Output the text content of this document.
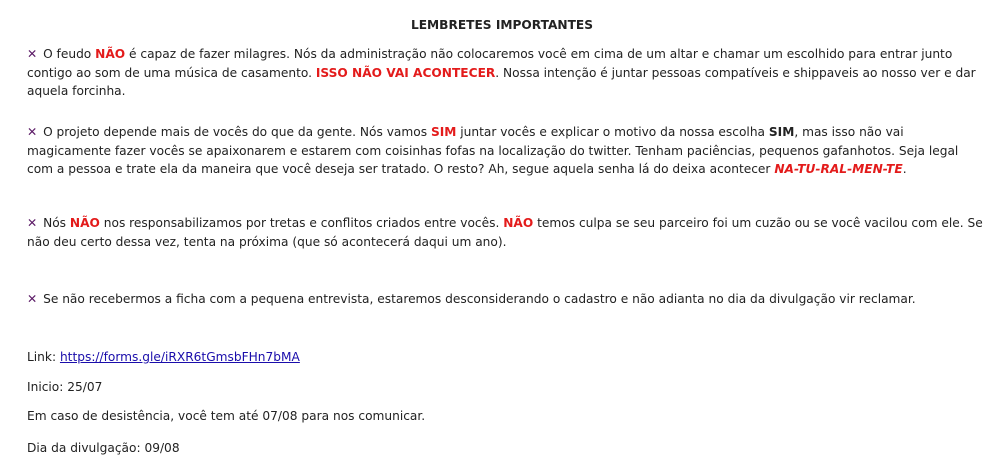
LEMBRETES IMPORTANTES
✕ O feudo NÃO é capaz de fazer milagres. Nós da administração não colocaremos você em cima de um altar e chamar um escolhido para entrar junto contigo ao som de uma música de casamento. ISSO NÃO VAI ACONTECER. Nossa intenção é juntar pessoas compatíveis e shippaveis ao nosso ver e dar aquela forcinha.
✕ O projeto depende mais de vocês do que da gente. Nós vamos SIM juntar vocês e explicar o motivo da nossa escolha SIM, mas isso não vai magicamente fazer vocês se apaixonarem e estarem com coisinhas fofas na localização do twitter. Tenham paciências, pequenos gafanhotos. Seja legal com a pessoa e trate ela da maneira que você deseja ser tratado. O resto? Ah, segue aquela senha lá do deixa acontecer NA-TU-RAL-MEN-TE.
✕ Nós NÃO nos responsabilizamos por tretas e conflitos criados entre vocês. NÃO temos culpa se seu parceiro foi um cuzão ou se você vacilou com ele. Se não deu certo dessa vez, tenta na próxima (que só acontecerá daqui um ano).
✕ Se não recebermos a ficha com a pequena entrevista, estaremos desconsiderando o cadastro e não adianta no dia da divulgação vir reclamar.
Link: https://forms.gle/iRXR6tGmsbFHn7bMA
Inicio: 25/07
Em caso de desistência, você tem até 07/08 para nos comunicar.
Dia da divulgação: 09/08
